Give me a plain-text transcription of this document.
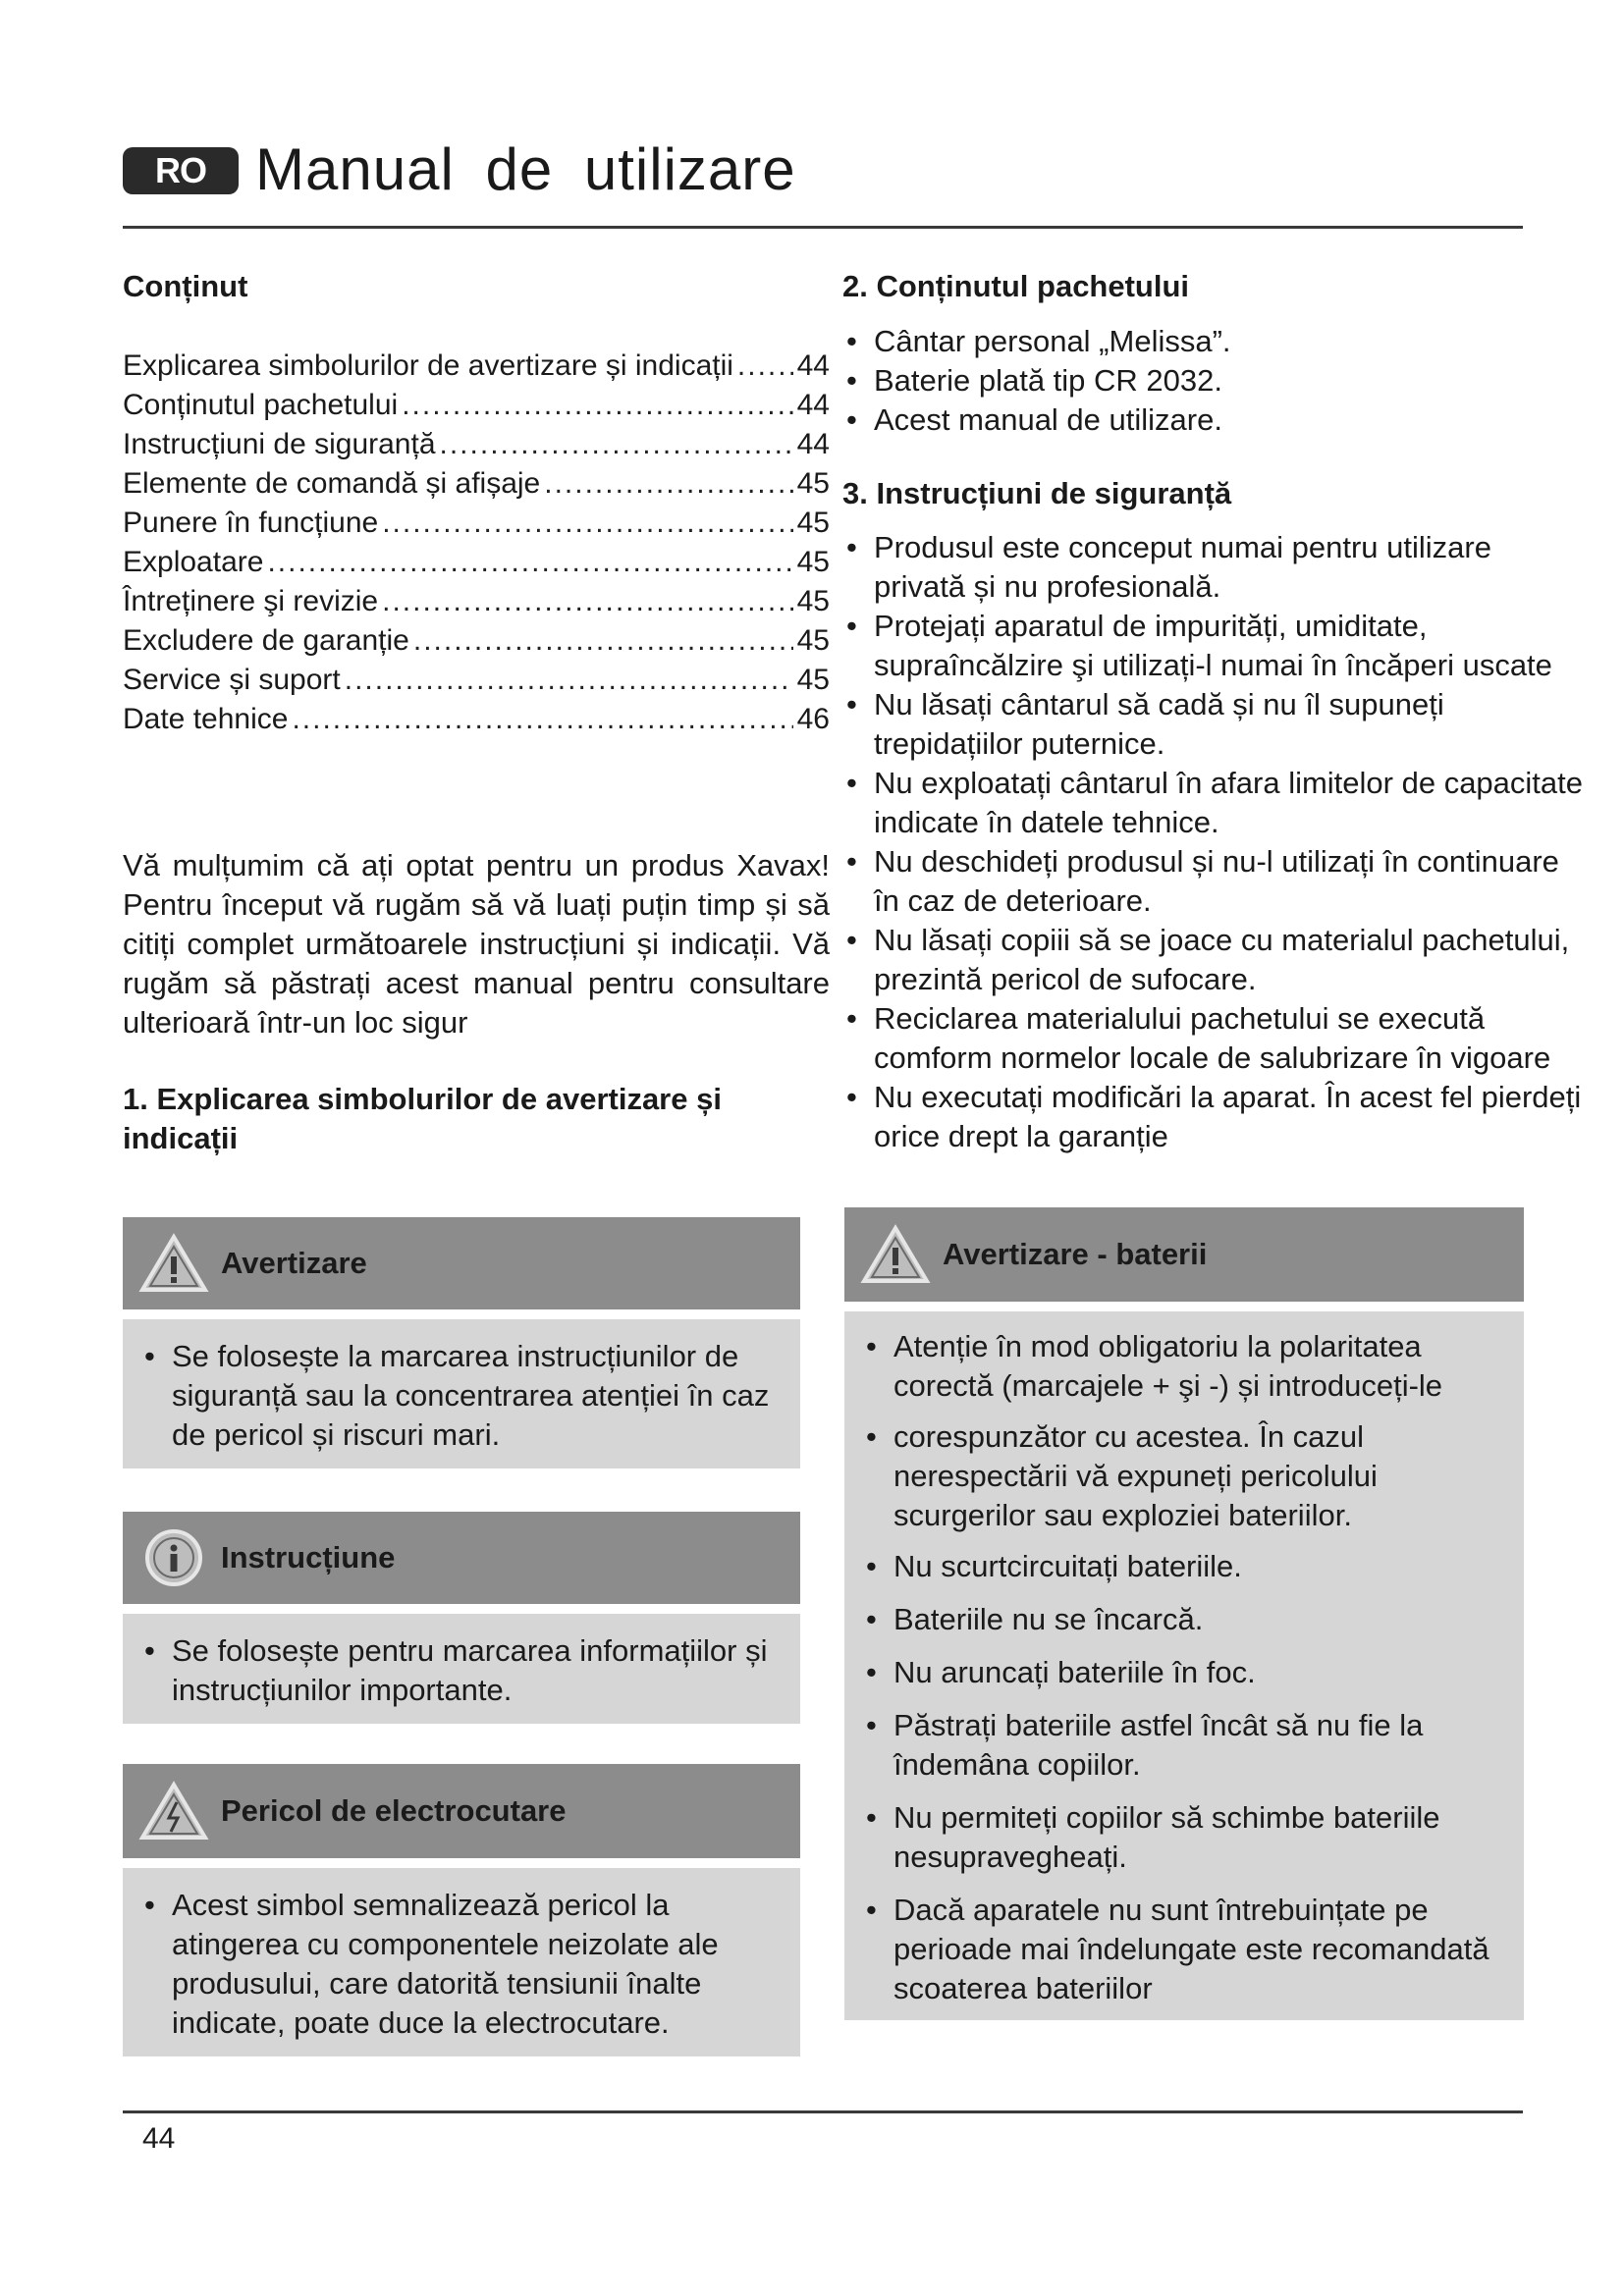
RO Manual de utilizare
Conținut
Explicarea simbolurilor de avertizare și indicații ..... 44
Conținutul pachetului .....	44
Instrucțiuni de siguranță .....	44
Elemente de comandă și afișaje .....	45
Punere în funcțiune .....	45
Exploatare .....	45
Întreținere şi revizie .....	45
Excludere de garanție .....	45
Service și suport .....	45
Date tehnice .....	46
Vă mulțumim că ați optat pentru un produs Xavax! Pentru început vă rugăm să vă luați puțin timp și să citiți complet următoarele instrucțiuni și indicații. Vă rugăm să păstrați acest manual pentru consultare ulterioară într-un loc sigur
1. Explicarea simbolurilor de avertizare și indicații
Avertizare
• Se folosește la marcarea instrucțiunilor de siguranță sau la concentrarea atenției în caz de pericol și riscuri mari.
Instrucțiune
• Se folosește pentru marcarea informațiilor și instrucțiunilor importante.
Pericol de electrocutare
• Acest simbol semnalizează pericol la atingerea cu componentele neizolate ale produsului, care datorită tensiunii înalte indicate, poate duce la electrocutare.
2. Conținutul pachetului
• Cântar personal „Melissa”.
• Baterie plată tip CR 2032.
• Acest manual de utilizare.
3. Instrucțiuni de siguranță
• Produsul este conceput numai pentru utilizare privată și nu profesională.
• Protejați aparatul de impurități, umiditate, supraîncălzire şi utilizați-l numai în încăperi uscate
• Nu lăsați cântarul să cadă și nu îl supuneți trepidațiilor puternice.
• Nu exploatați cântarul în afara limitelor de capacitate indicate în datele tehnice.
• Nu deschideți produsul și nu-l utilizați în continuare în caz de deterioare.
• Nu lăsați copiii să se joace cu materialul pachetului, prezintă pericol de sufocare.
• Reciclarea materialului pachetului se execută comform normelor locale de salubrizare în vigoare
• Nu executați modificări la aparat. În acest fel pierdeți orice drept la garanție
Avertizare - baterii
• Atenție în mod obligatoriu la polaritatea corectă (marcajele + şi -) și introduceți-le
• corespunzător cu acestea. În cazul nerespectării vă expuneți pericolului scurgerilor sau exploziei bateriilor.
• Nu scurtcircuitați bateriile.
• Bateriile nu se încarcă.
• Nu aruncați bateriile în foc.
• Păstrați bateriile astfel încât să nu fie la îndemâna copiilor.
• Nu permiteți copiilor să schimbe bateriile nesupravegheați.
• Dacă aparatele nu sunt întrebuințate pe perioade mai îndelungate este recomandată scoaterea bateriilor
44
